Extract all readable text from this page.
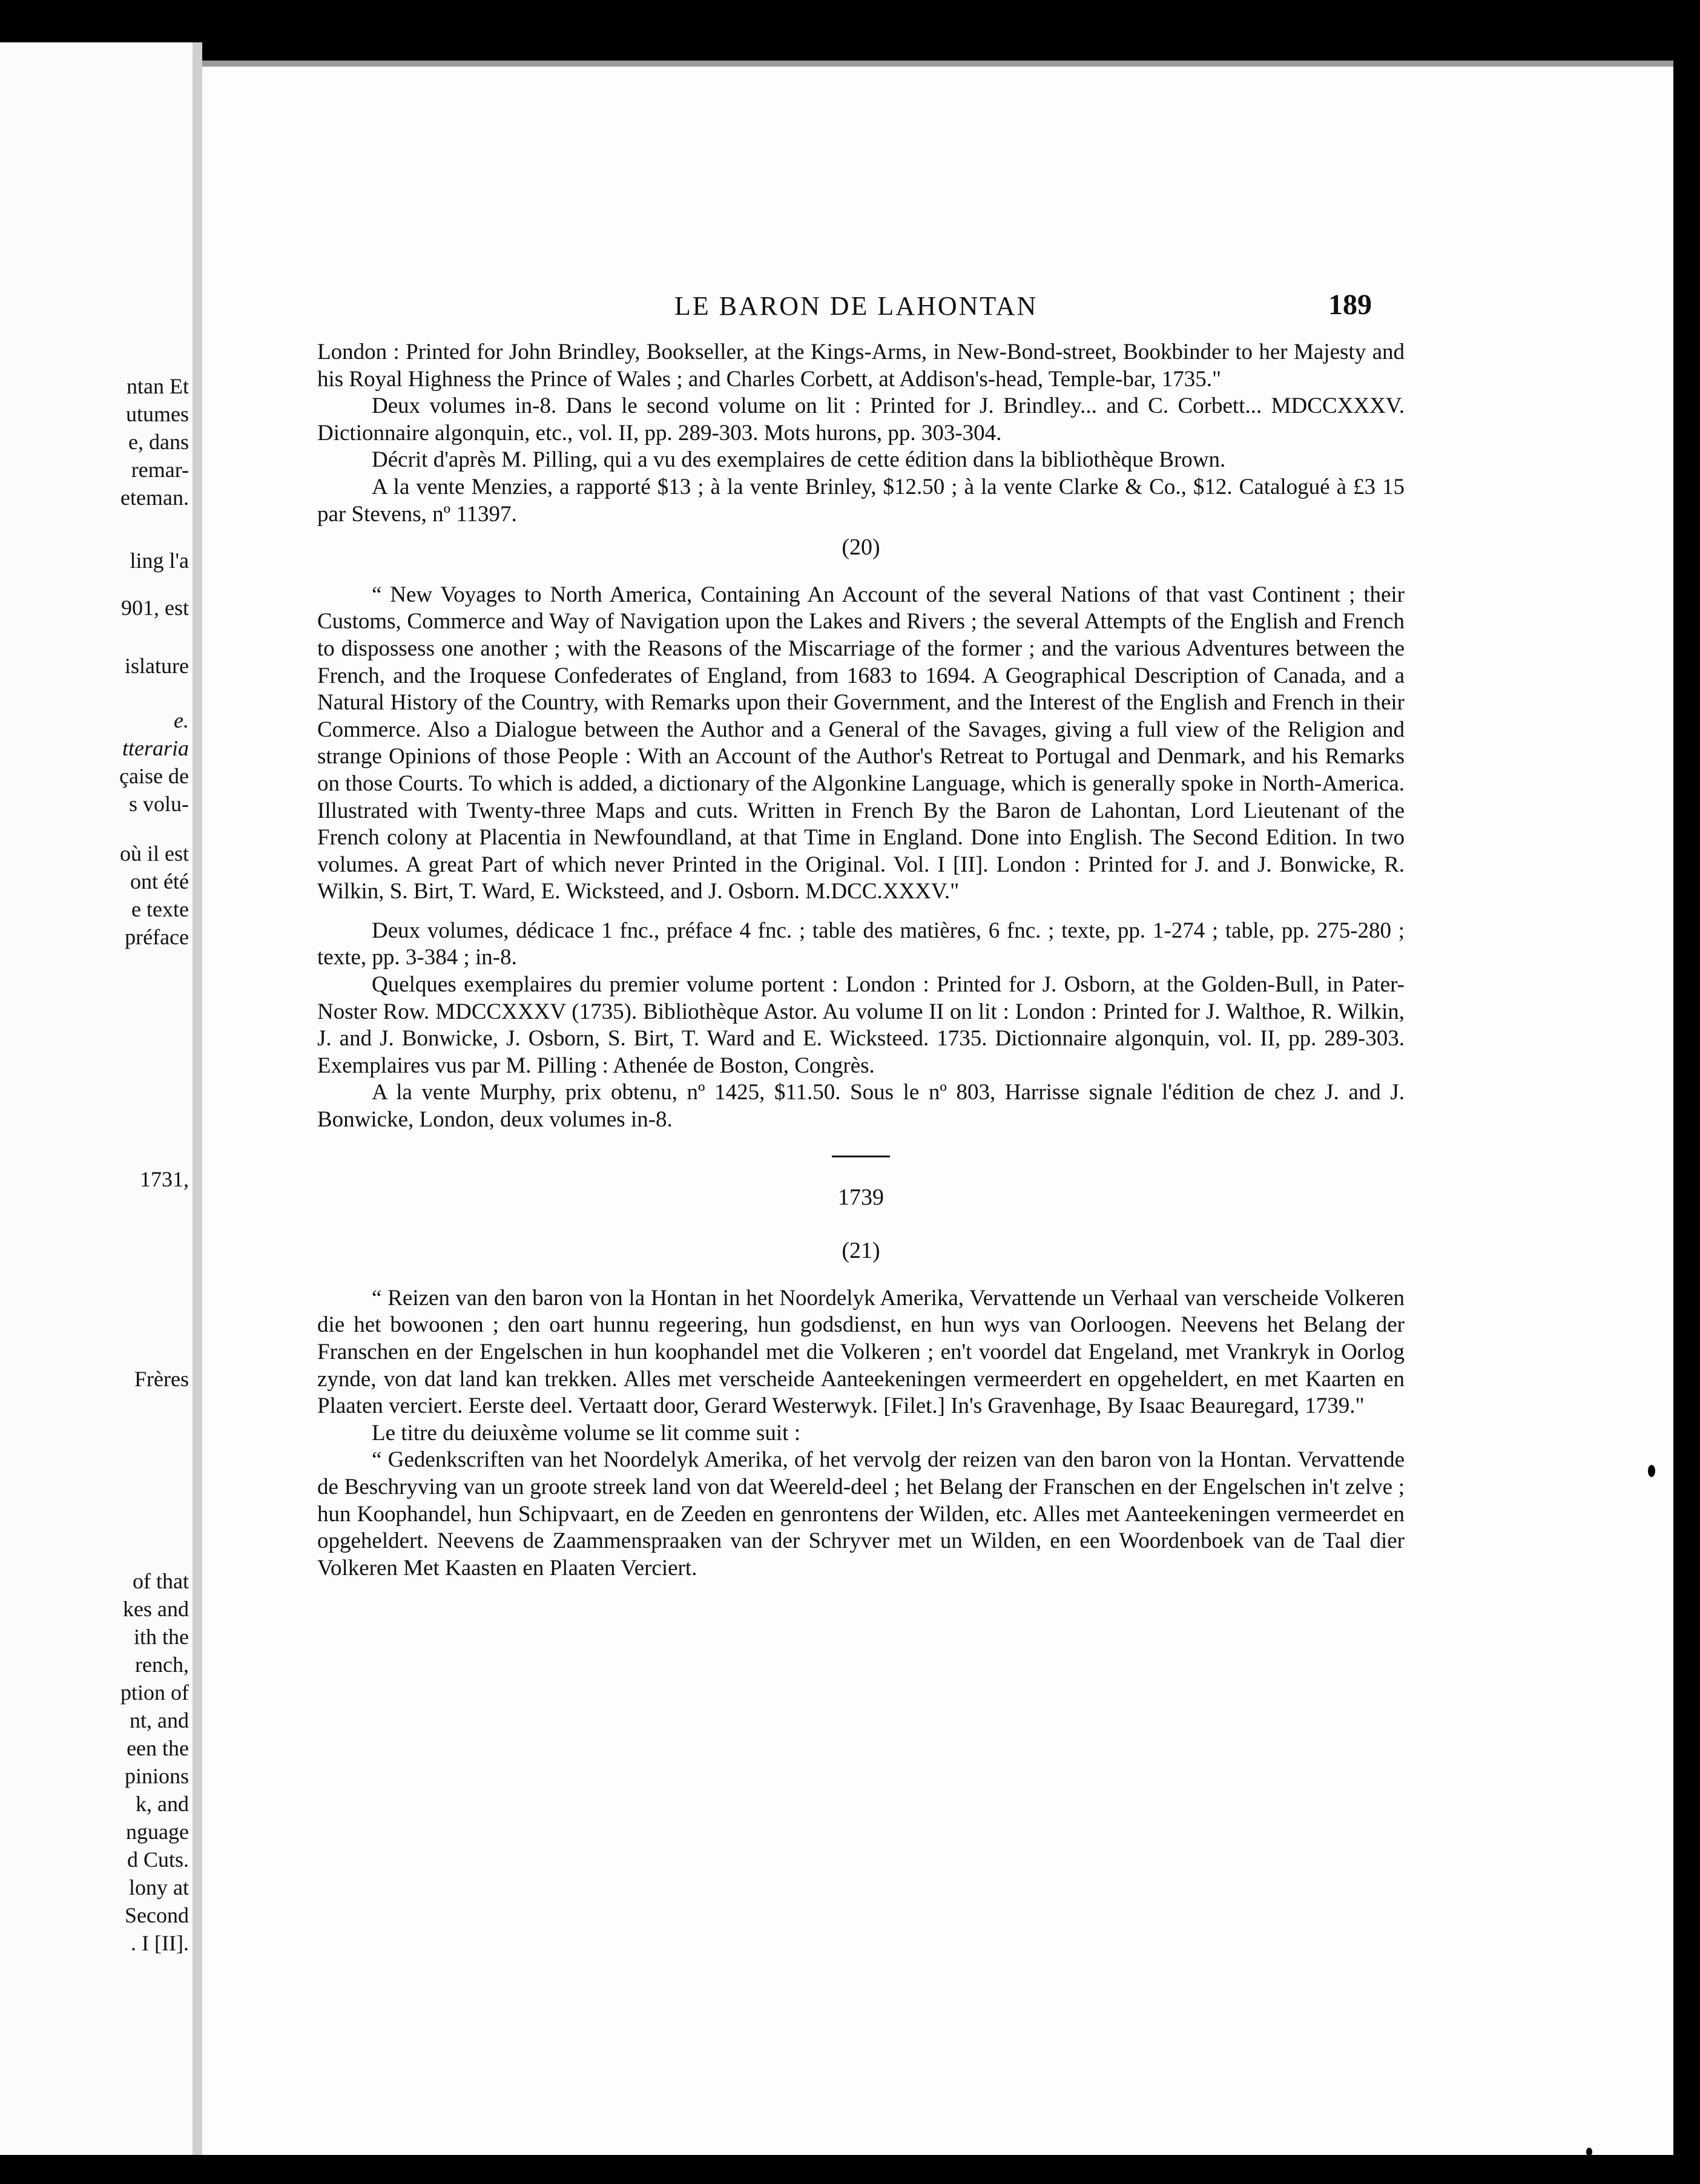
ntan Et
utumes
e, dans
remar-
eteman.
ling l'a
901, est
islature
e.
tteraria
çaise de
s volu-
où il est
ont été
e texte
préface
1731,
Frères
of that
kes and
ith the
rench,
ption of
nt, and
een the
pinions
k, and
nguage
d Cuts.
lony at
Second
. I [II].
LE BARON DE LAHONTAN	189

London : Printed for John Brindley, Bookseller, at the Kings-Arms, in New-Bond-street, Bookbinder to her Majesty and his Royal Highness the Prince of Wales ; and Charles Corbett, at Addison's-head, Temple-bar, 1735."

Deux volumes in-8. Dans le second volume on lit : Printed for J. Brindley... and C. Corbett... MDCCXXXV. Dictionnaire algonquin, etc., vol. II, pp. 289-303. Mots hurons, pp. 303-304.

Décrit d'après M. Pilling, qui a vu des exemplaires de cette édition dans la bibliothèque Brown.

A la vente Menzies, a rapporté $13 ; à la vente Brinley, $12.50 ; à la vente Clarke & Co., $12. Catalogué à £3 15 par Stevens, nº 11397.

(20)

“ New Voyages to North America, Containing An Account of the several Nations of that vast Continent ; their Customs, Commerce and Way of Navigation upon the Lakes and Rivers ; the several Attempts of the English and French to dispossess one another ; with the Reasons of the Miscarriage of the former ; and the various Adventures between the French, and the Iroquese Confederates of England, from 1683 to 1694. A Geographical Description of Canada, and a Natural History of the Country, with Remarks upon their Government, and the Interest of the English and French in their Commerce. Also a Dialogue between the Author and a General of the Savages, giving a full view of the Religion and strange Opinions of those People : With an Account of the Author's Retreat to Portugal and Denmark, and his Remarks on those Courts. To which is added, a dictionary of the Algonkine Language, which is generally spoke in North-America. Illustrated with Twenty-three Maps and cuts. Written in French By the Baron de Lahontan, Lord Lieutenant of the French colony at Placentia in Newfoundland, at that Time in England. Done into English. The Second Edition. In two volumes. A great Part of which never Printed in the Original. Vol. I [II]. London : Printed for J. and J. Bonwicke, R. Wilkin, S. Birt, T. Ward, E. Wicksteed, and J. Osborn. M.DCC.XXXV."

Deux volumes, dédicace 1 fnc., préface 4 fnc. ; table des matières, 6 fnc. ; texte, pp. 1-274 ; table, pp. 275-280 ; texte, pp. 3-384 ; in-8.

Quelques exemplaires du premier volume portent : London : Printed for J. Osborn, at the Golden-Bull, in Pater-Noster Row. MDCCXXXV (1735). Bibliothèque Astor. Au volume II on lit : London : Printed for J. Walthoe, R. Wilkin, J. and J. Bonwicke, J. Osborn, S. Birt, T. Ward and E. Wicksteed. 1735. Dictionnaire algonquin, vol. II, pp. 289-303. Exemplaires vus par M. Pilling : Athenée de Boston, Congrès.

A la vente Murphy, prix obtenu, nº 1425, $11.50. Sous le nº 803, Harrisse signale l'édition de chez J. and J. Bonwicke, London, deux volumes in-8.

1739

(21)

“ Reizen van den baron von la Hontan in het Noordelyk Amerika, Vervattende un Verhaal van verscheide Volkeren die het bowoonen ; den oart hunnu regeering, hun godsdienst, en hun wys van Oorloogen. Neevens het Belang der Franschen en der Engelschen in hun koophandel met die Volkeren ; en't voordel dat Engeland, met Vrankryk in Oorlog zynde, von dat land kan trekken. Alles met verscheide Aanteekeningen vermeerdert en opgeheldert, en met Kaarten en Plaaten verciert. Eerste deel. Vertaatt door, Gerard Westerwyk. [Filet.] In's Gravenhage, By Isaac Beauregard, 1739."

Le titre du deiuxème volume se lit comme suit :

“ Gedenkscriften van het Noordelyk Amerika, of het vervolg der reizen van den baron von la Hontan. Vervattende de Beschryving van un groote streek land von dat Weereld-deel ; het Belang der Franschen en der Engelschen in't zelve ; hun Koophandel, hun Schipvaart, en de Zeeden en genrontens der Wilden, etc. Alles met Aanteekeningen vermeerdet en opgeheldert. Neevens de Zaammenspraaken van der Schryver met un Wilden, en een Woordenboek van de Taal dier Volkeren Met Kaasten en Plaaten Verciert.
